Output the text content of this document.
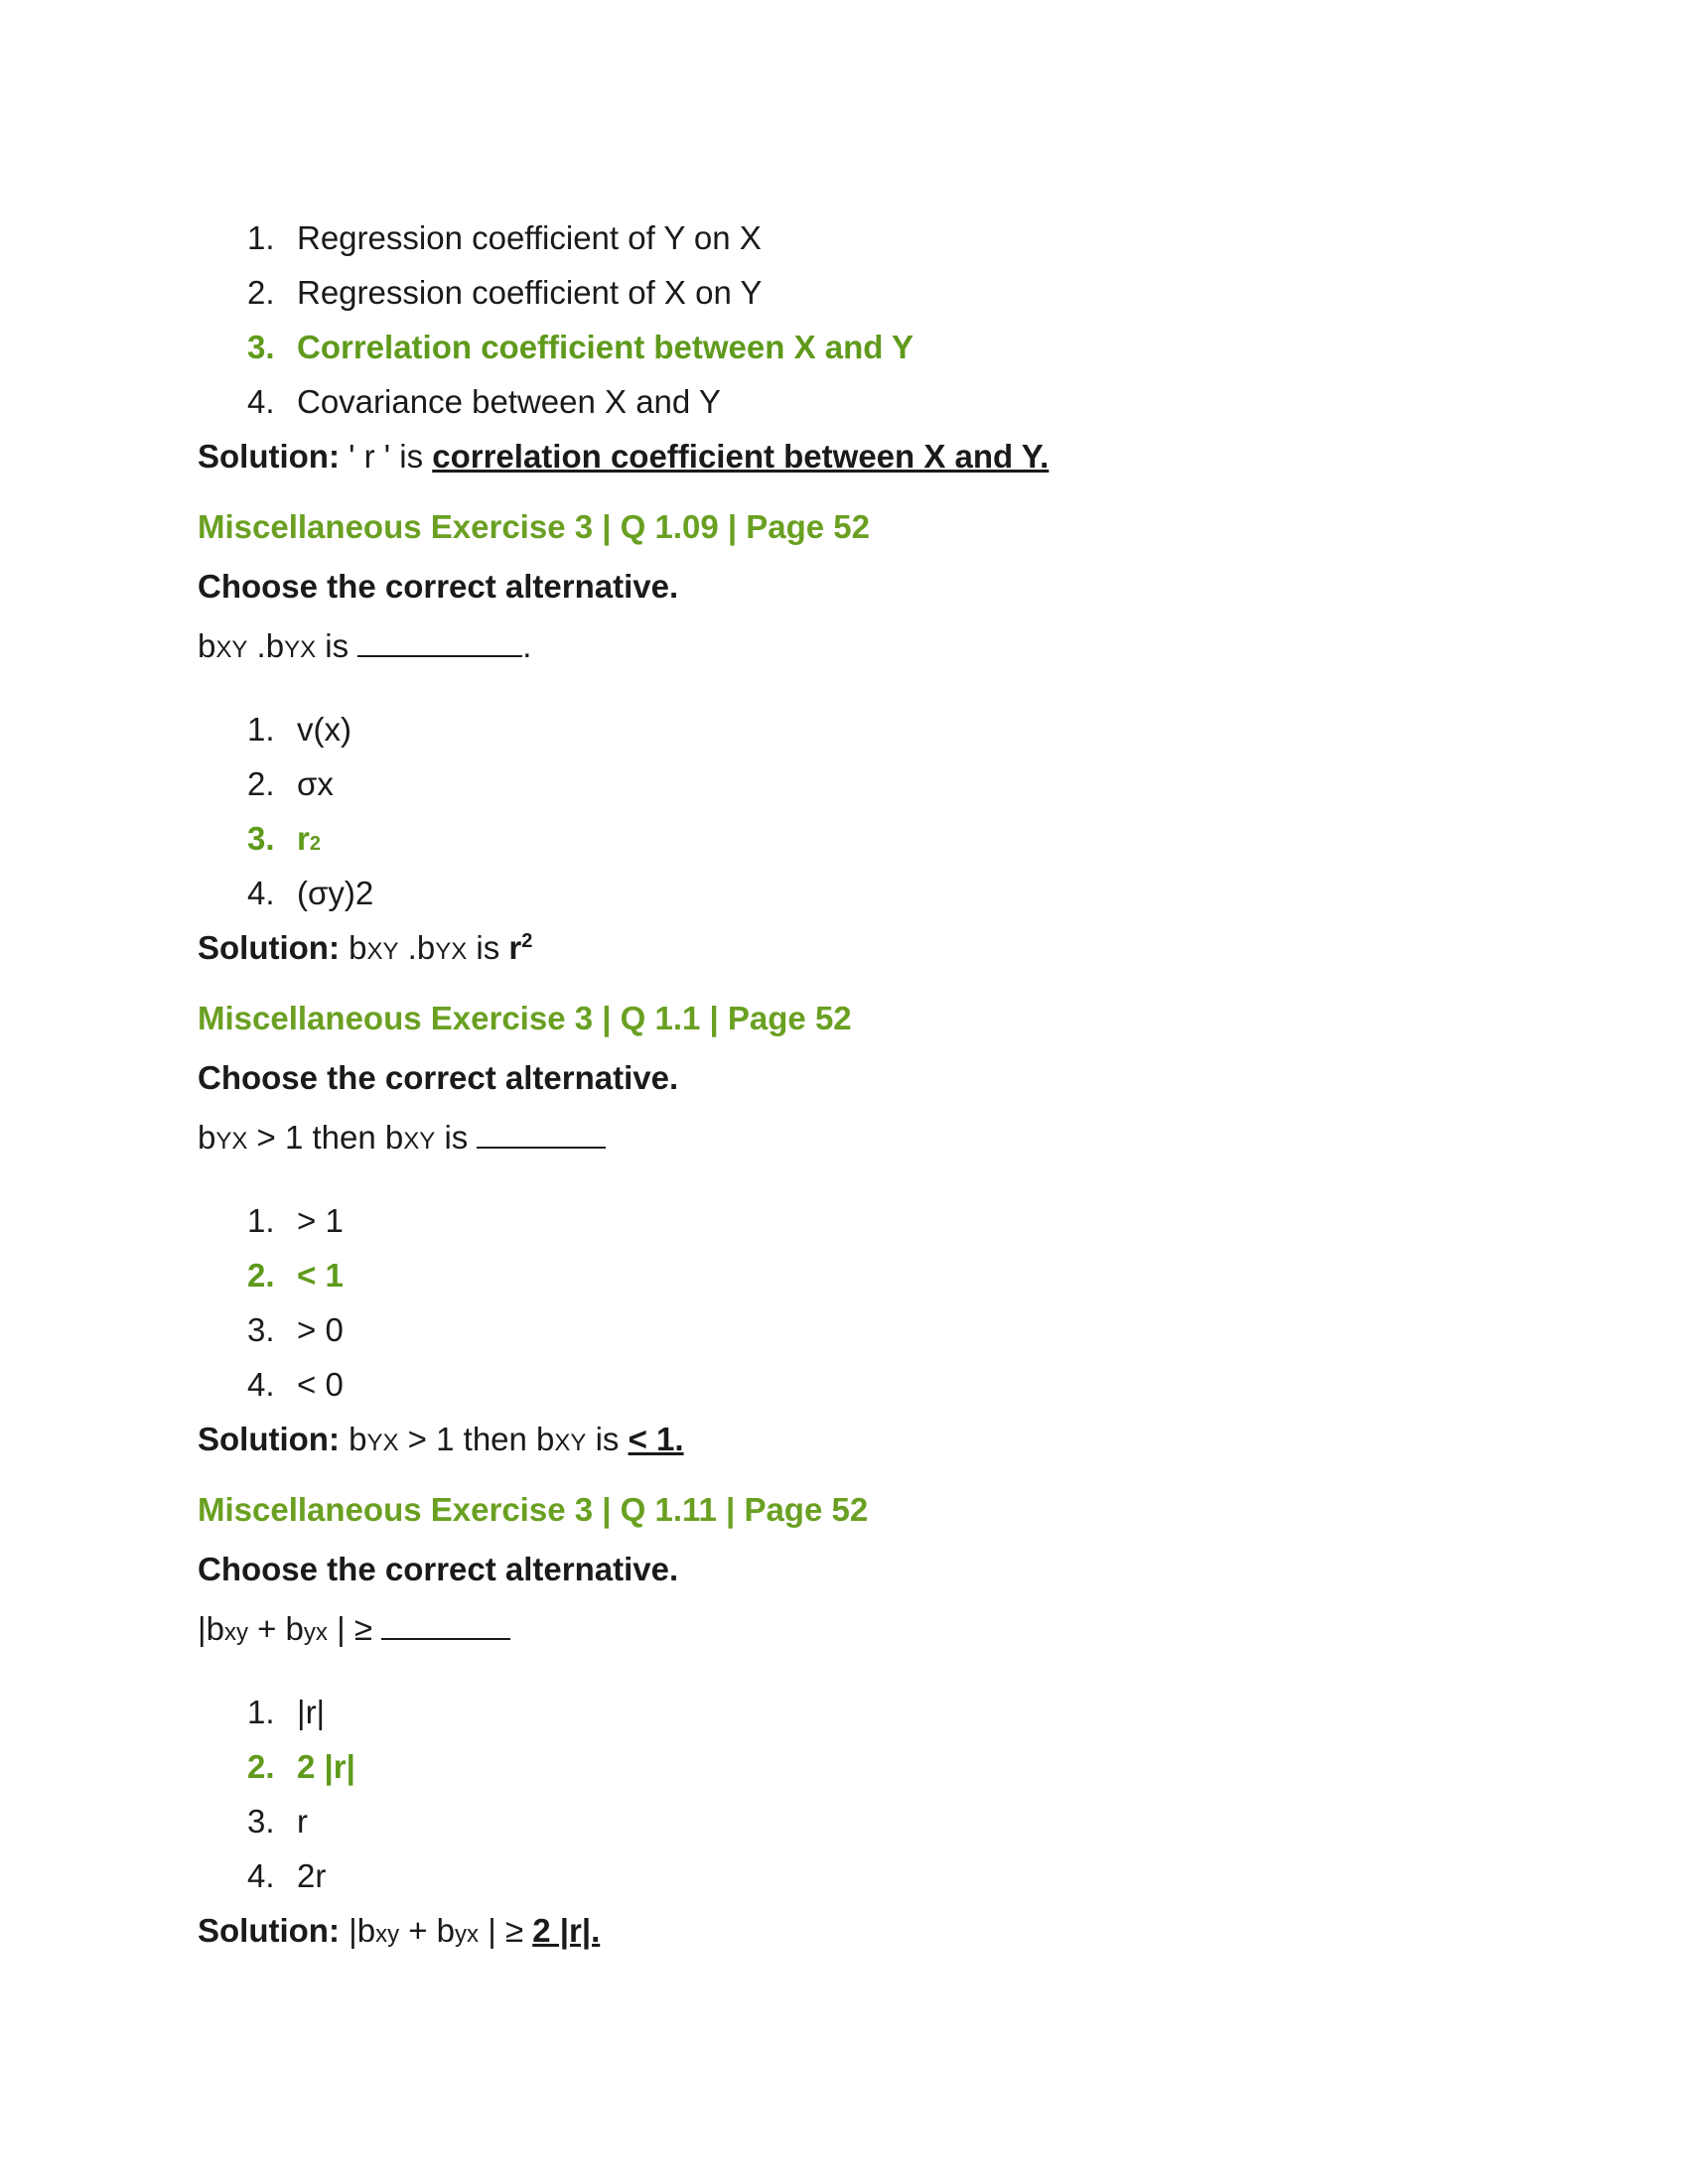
1. Regression coefficient of Y on X
2. Regression coefficient of X on Y
3. Correlation coefficient between X and Y
4. Covariance between X and Y

Solution: ' r ' is correlation coefficient between X and Y.

Miscellaneous Exercise 3 | Q 1.09 | Page 52
Choose the correct alternative.
bXY .bYX is	.
1. v(x)
2. σx
3. r 2
4. (σy)2

Solution: bXY .bYX is $r^2$

Miscellaneous Exercise 3 | Q 1.1 | Page 52
Choose the correct alternative.
bYX > 1 then bXY is
1. > 1
2. < 1
3. > 0
4. < 0

Solution: bYX > 1 then bXY is < 1.

Miscellaneous Exercise 3 | Q 1.11 | Page 52
Choose the correct alternative.
|bxy + byx | ≥
1. |r|
2. 2 |r|
3. r
4. 2r

Solution: |bxy + byx | ≥ 2 |r|.
